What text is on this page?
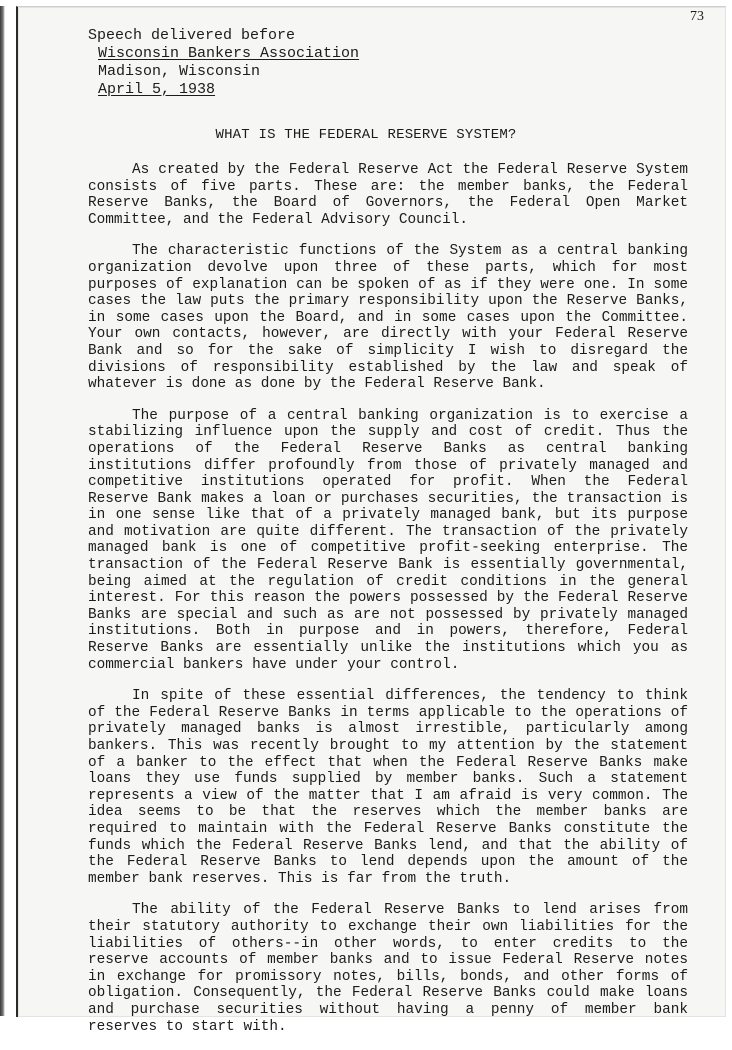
73
Speech delivered before
Wisconsin Bankers Association
Madison, Wisconsin
April 5, 1938
WHAT IS THE FEDERAL RESERVE SYSTEM?

As created by the Federal Reserve Act the Federal Reserve System consists of five parts. These are: the member banks, the Federal Reserve Banks, the Board of Governors, the Federal Open Market Committee, and the Federal Advisory Council.

The characteristic functions of the System as a central banking organization devolve upon three of these parts, which for most purposes of explanation can be spoken of as if they were one. In some cases the law puts the primary responsibility upon the Reserve Banks, in some cases upon the Board, and in some cases upon the Committee. Your own contacts, however, are directly with your Federal Reserve Bank and so for the sake of simplicity I wish to disregard the divisions of responsibility established by the law and speak of whatever is done as done by the Federal Reserve Bank.

The purpose of a central banking organization is to exercise a stabilizing influence upon the supply and cost of credit. Thus the operations of the Federal Reserve Banks as central banking institutions differ profoundly from those of privately managed and competitive institutions operated for profit. When the Federal Reserve Bank makes a loan or purchases securities, the transaction is in one sense like that of a privately managed bank, but its purpose and motivation are quite different. The transaction of the privately managed bank is one of competitive profit-seeking enterprise. The transaction of the Federal Reserve Bank is essentially governmental, being aimed at the regulation of credit conditions in the general interest. For this reason the powers possessed by the Federal Reserve Banks are special and such as are not possessed by privately managed institutions. Both in purpose and in powers, therefore, Federal Reserve Banks are essentially unlike the institutions which you as commercial bankers have under your control.

In spite of these essential differences, the tendency to think of the Federal Reserve Banks in terms applicable to the operations of privately managed banks is almost irrestible, particularly among bankers. This was recently brought to my attention by the statement of a banker to the effect that when the Federal Reserve Banks make loans they use funds supplied by member banks. Such a statement represents a view of the matter that I am afraid is very common. The idea seems to be that the reserves which the member banks are required to maintain with the Federal Reserve Banks constitute the funds which the Federal Reserve Banks lend, and that the ability of the Federal Reserve Banks to lend depends upon the amount of the member bank reserves. This is far from the truth.

The ability of the Federal Reserve Banks to lend arises from their statutory authority to exchange their own liabilities for the liabilities of others--in other words, to enter credits to the reserve accounts of member banks and to issue Federal Reserve notes in exchange for promissory notes, bills, bonds, and other forms of obligation. Consequently, the Federal Reserve Banks could make loans and purchase securities without having a penny of member bank reserves to start with.
